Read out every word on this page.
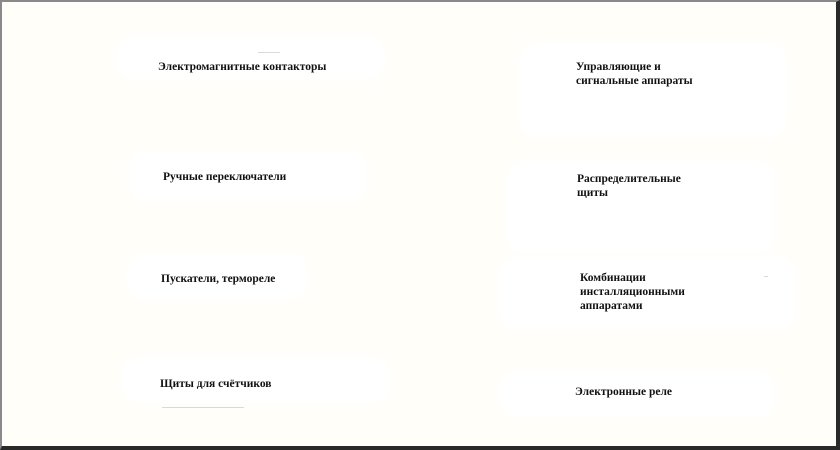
Электромагнитные контакторы	Управляющие и
сигнальные аппараты
Ручные переключатели	Распределительные
щиты
Пускатели, термореле	Комбинации
инсталляционными
аппаратами
Щиты для счётчиков
Электронные реле
